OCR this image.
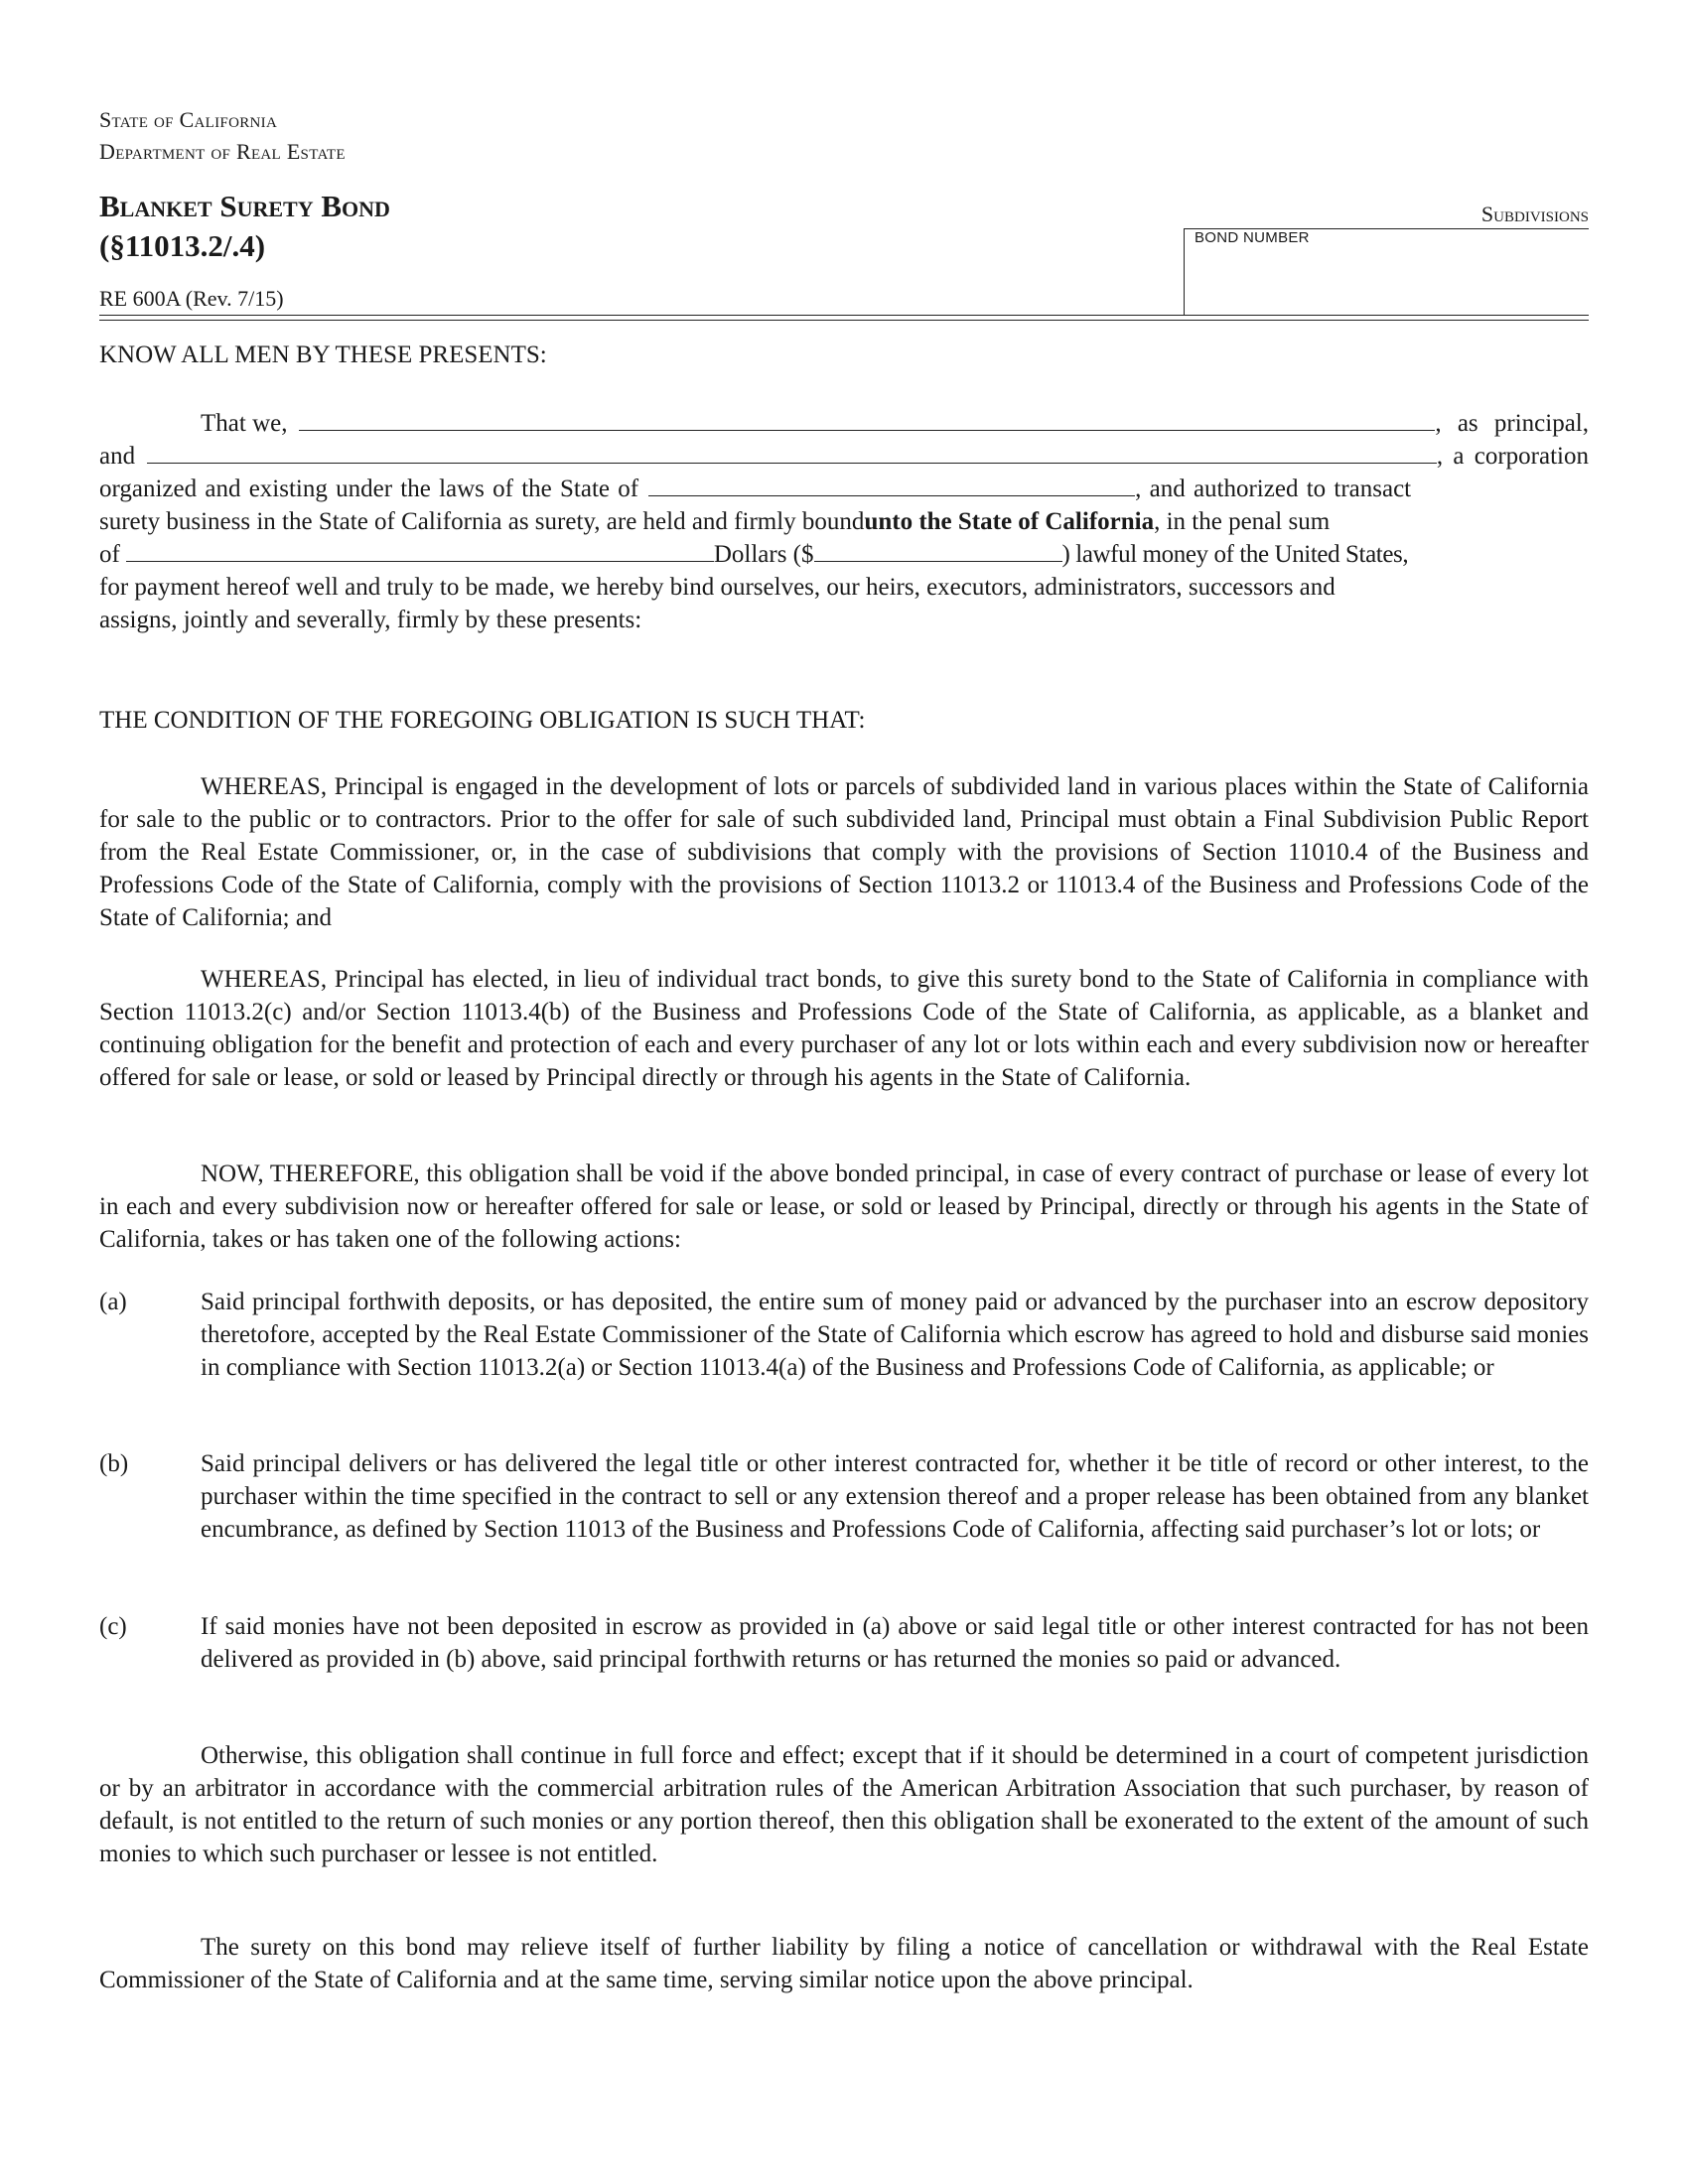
State of California
Department of Real Estate
Blanket Surety Bond
(§11013.2/.4)
RE 600A (Rev. 7/15)
Subdivisions
BOND NUMBER
KNOW ALL MEN BY THESE PRESENTS:
That we,	, as principal,
and	, a corporation
organized and existing under the laws of the State of	, and authorized to transact
surety business in the State of California as surety, are held and firmly bound unto the State of California , in the penal sum
of	Dollars ($	) lawful money of the United States,
for payment hereof well and truly to be made, we hereby bind ourselves, our heirs, executors, administrators, successors and
assigns, jointly and severally, firmly by these presents:
THE CONDITION OF THE FOREGOING OBLIGATION IS SUCH THAT:
WHEREAS, Principal is engaged in the development of lots or parcels of subdivided land in various places within the State of California for sale to the public or to contractors. Prior to the offer for sale of such subdivided land, Principal must obtain a Final Subdivision Public Report from the Real Estate Commissioner, or, in the case of subdivisions that comply with the provisions of Section 11010.4 of the Business and Professions Code of the State of California, comply with the provisions of Section 11013.2 or 11013.4 of the Business and Professions Code of the State of California; and
WHEREAS, Principal has elected, in lieu of individual tract bonds, to give this surety bond to the State of California in compliance with Section 11013.2(c) and/or Section 11013.4(b) of the Business and Professions Code of the State of California, as applicable, as a blanket and continuing obligation for the benefit and protection of each and every purchaser of any lot or lots within each and every subdivision now or hereafter offered for sale or lease, or sold or leased by Principal directly or through his agents in the State of California.
NOW, THEREFORE, this obligation shall be void if the above bonded principal, in case of every contract of purchase or lease of every lot in each and every subdivision now or hereafter offered for sale or lease, or sold or leased by Principal, directly or through his agents in the State of California, takes or has taken one of the following actions:
(a)	Said principal forthwith deposits, or has deposited, the entire sum of money paid or advanced by the purchaser into an escrow depository theretofore, accepted by the Real Estate Commissioner of the State of California which escrow has agreed to hold and disburse said monies in compliance with Section 11013.2(a) or Section 11013.4(a) of the Business and Professions Code of California, as applicable; or
(b)	Said principal delivers or has delivered the legal title or other interest contracted for, whether it be title of record or other interest, to the purchaser within the time specified in the contract to sell or any extension thereof and a proper release has been obtained from any blanket encumbrance, as defined by Section 11013 of the Business and Professions Code of California, affecting said purchaser’s lot or lots; or
(c)	If said monies have not been deposited in escrow as provided in (a) above or said legal title or other interest contracted for has not been delivered as provided in (b) above, said principal forthwith returns or has returned the monies so paid or advanced.
Otherwise, this obligation shall continue in full force and effect; except that if it should be determined in a court of competent jurisdiction or by an arbitrator in accordance with the commercial arbitration rules of the American Arbitration Association that such purchaser, by reason of default, is not entitled to the return of such monies or any portion thereof, then this obligation shall be exonerated to the extent of the amount of such monies to which such purchaser or lessee is not entitled.
The surety on this bond may relieve itself of further liability by filing a notice of cancellation or withdrawal with the Real Estate Commissioner of the State of California and at the same time, serving similar notice upon the above principal.
